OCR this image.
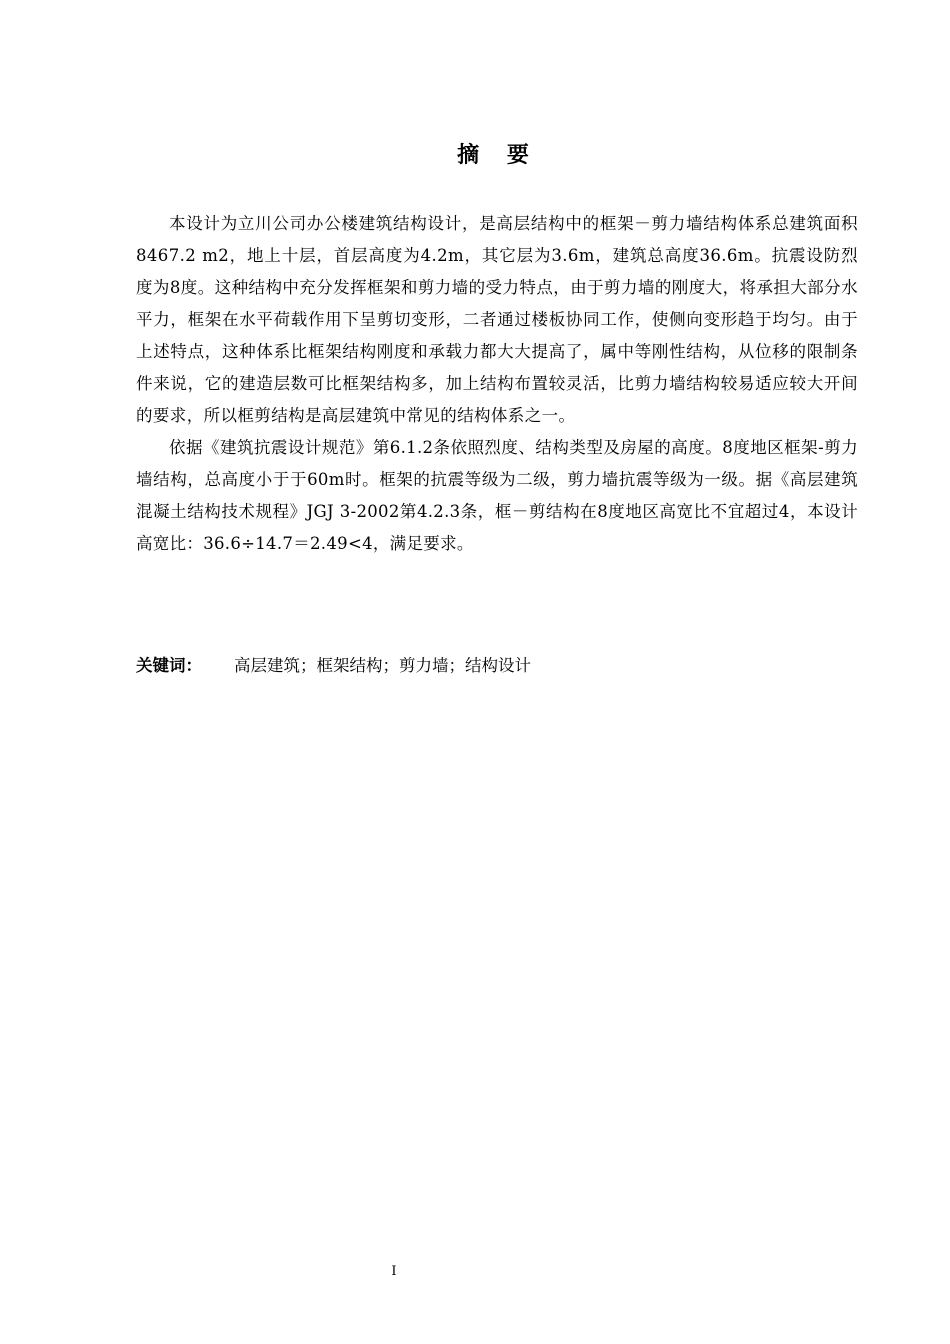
摘 要

本设计为立川公司办公楼建筑结构设计，是高层结构中的框架－剪力墙结构体系总建筑面积8467.2 m2，地上十层，首层高度为4.2m，其它层为3.6m，建筑总高度36.6m。抗震设防烈度为8度。这种结构中充分发挥框架和剪力墙的受力特点，由于剪力墙的刚度大，将承担大部分水平力，框架在水平荷载作用下呈剪切变形，二者通过楼板协同工作，使侧向变形趋于均匀。由于上述特点，这种体系比框架结构刚度和承载力都大大提高了，属中等刚性结构，从位移的限制条件来说，它的建造层数可比框架结构多，加上结构布置较灵活，比剪力墙结构较易适应较大开间的要求，所以框剪结构是高层建筑中常见的结构体系之一。

依据《建筑抗震设计规范》第6.1.2条依照烈度、结构类型及房屋的高度。8度地区框架-剪力墙结构，总高度小于于60m时。框架的抗震等级为二级，剪力墙抗震等级为一级。据《高层建筑混凝土结构技术规程》JGJ 3-2002第4.2.3条，框－剪结构在8度地区高宽比不宜超过4，本设计高宽比：36.6÷14.7＝2.49<4，满足要求。

关键词： 高层建筑；框架结构；剪力墙；结构设计
I
